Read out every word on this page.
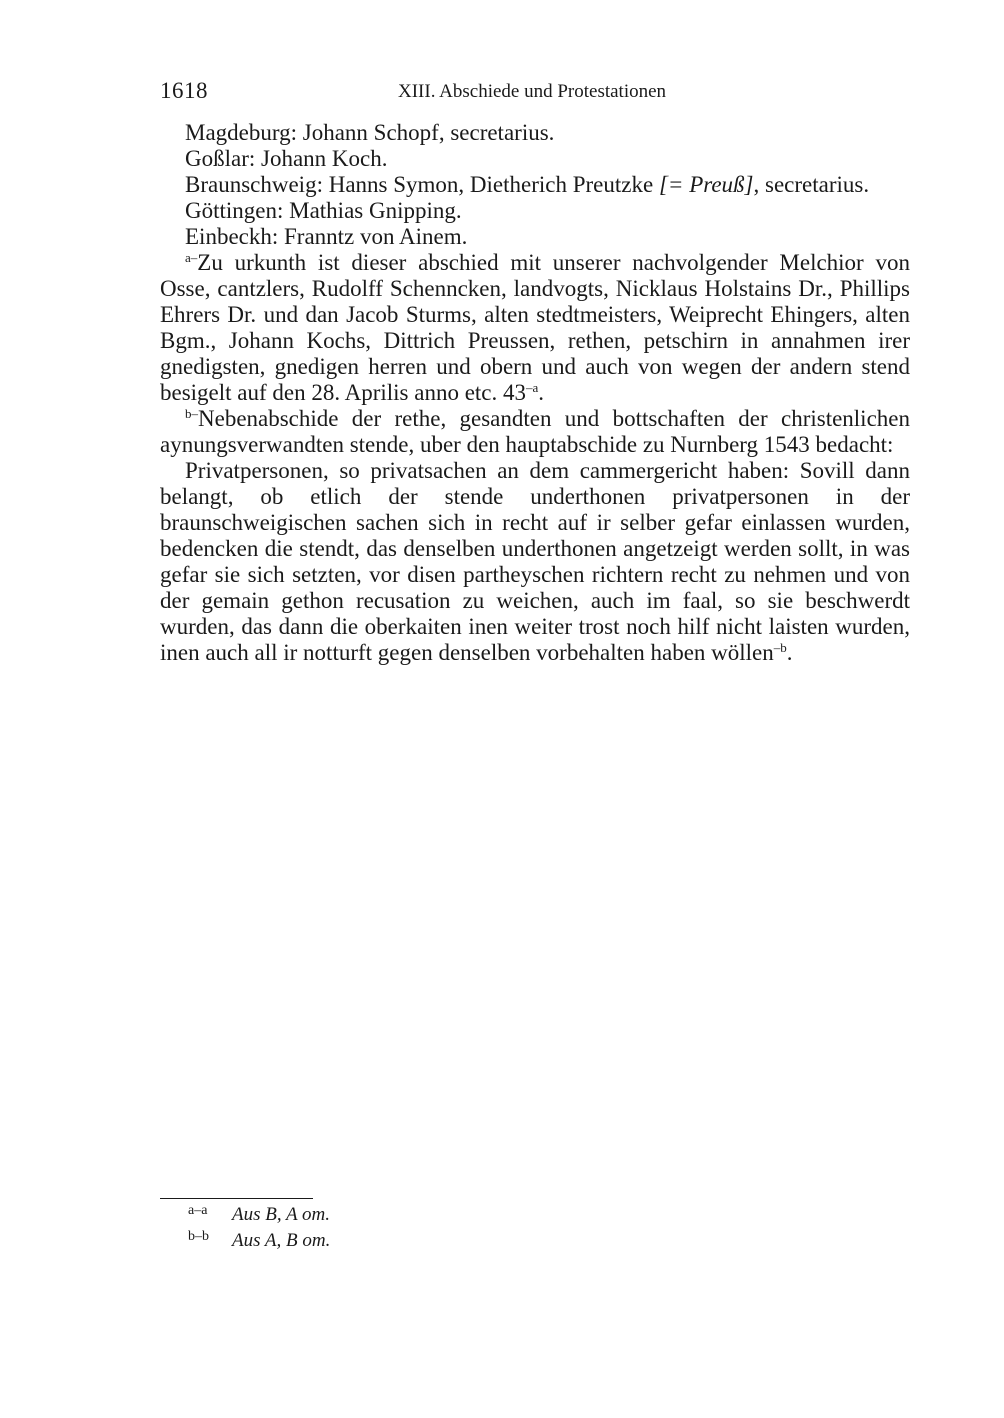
1618	XIII. Abschiede und Protestationen
Magdeburg: Johann Schopf, secretarius.
Goßlar: Johann Koch.
Braunschweig: Hanns Symon, Dietherich Preutzke [= Preuß], secretarius.
Göttingen: Mathias Gnipping.
Einbeckh: Franntz von Ainem.

$^{a-}$Zu urkunth ist dieser abschied mit unserer nachvolgender Melchior von Osse, cantzlers, Rudolff Schenncken, landvogts, Nicklaus Holstains Dr., Phillips Ehrers Dr. und dan Jacob Sturms, alten stedtmeisters, Weiprecht Ehingers, alten Bgm., Johann Kochs, Dittrich Preussen, rethen, petschirn in annahmen irer gnedigsten, gnedigen herren und obern und auch von wegen der andern stend besigelt auf den 28. Aprilis anno etc. $43^{-a}$.

$^{b-}$Nebenabschide der rethe, gesandten und bottschaften der christenlichen aynungsverwandten stende, uber den hauptabschide zu Nurnberg 1543 bedacht:

Privatpersonen, so privatsachen an dem cammergericht haben: Sovill dann belangt, ob etlich der stende underthonen privatpersonen in der braunschweigischen sachen sich in recht auf ir selber gefar einlassen wurden, bedencken die stendt, das denselben underthonen angetzeigt werden sollt, in was gefar sie sich setzten, vor disen partheyschen richtern recht zu nehmen und von der gemain gethon recusation zu weichen, auch im faal, so sie beschwerdt wurden, das dann die oberkaiten inen weiter trost noch hilf nicht laisten wurden, inen auch all ir notturft gegen denselben vorbehalten haben wöllen$^{-b}$.

a–a Aus B, A om.
b–b Aus A, B om.
